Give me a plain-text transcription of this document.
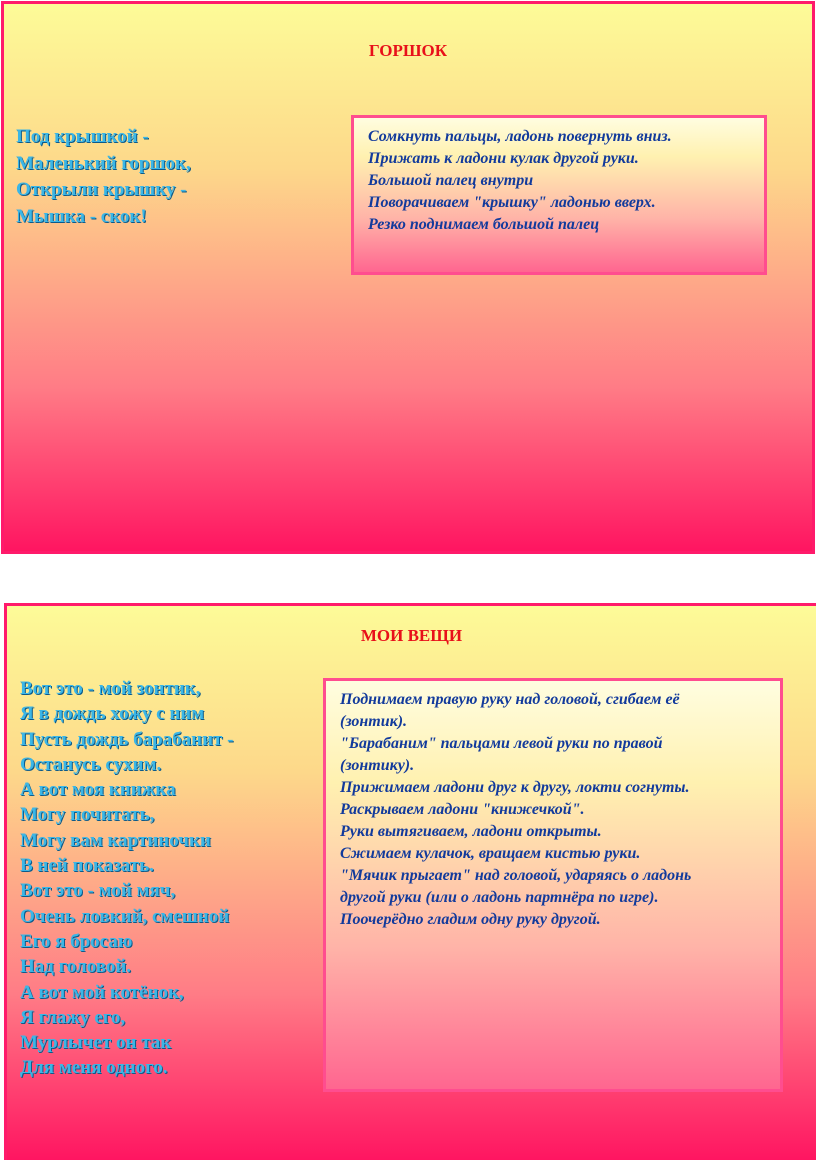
ГОРШОК
Под крышкой -
Маленький горшок,
Открыли крышку -
Мышка - скок!
Сомкнуть пальцы, ладонь повернуть вниз.
Прижать к ладони кулак другой руки.
Большой палец внутри
Поворачиваем "крышку" ладонью вверх.
Резко поднимаем большой палец
МОИ ВЕЩИ
Вот это - мой зонтик,
Я в дождь хожу с ним
Пусть дождь барабанит -
Останусь сухим.
А вот моя книжка
Могу почитать,
Могу вам картиночки
В ней показать.
Вот это - мой мяч,
Очень ловкий, смешной
Его я бросаю
Над головой.
А вот мой котёнок,
Я глажу его,
Мурлычет он так
Для меня одного.
Поднимаем правую руку над головой, сгибаем её
(зонтик).
"Барабаним" пальцами левой руки по правой
(зонтику).
Прижимаем ладони друг к другу, локти согнуты.
Раскрываем ладони "книжечкой".
Руки вытягиваем, ладони открыты.
Сжимаем кулачок, вращаем кистью руки.
"Мячик прыгает" над головой, ударяясь о ладонь
другой руки (или о ладонь партнёра по игре).
Поочерёдно гладим одну руку другой.
